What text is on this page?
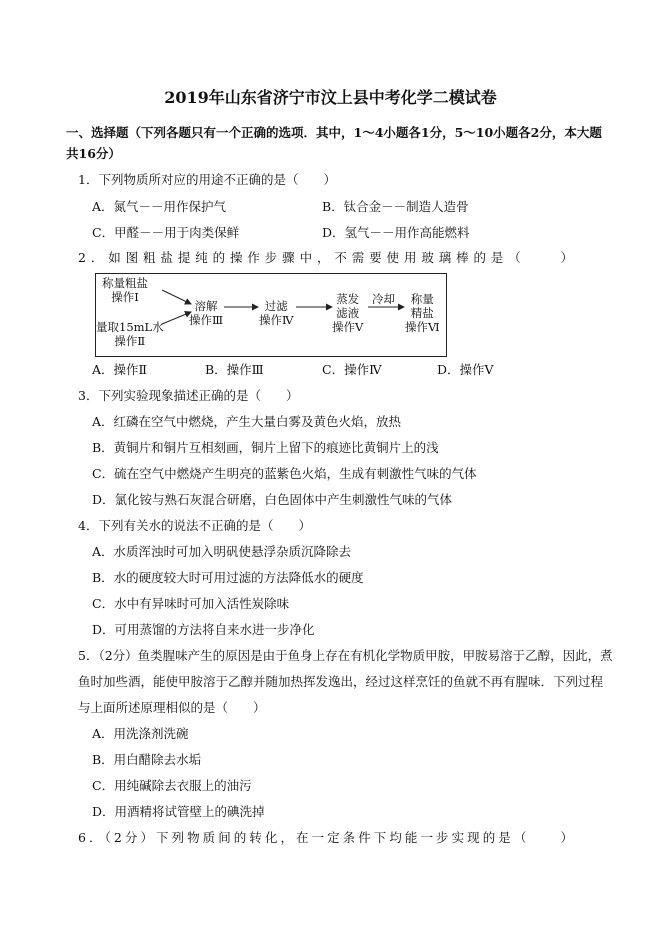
2019年山东省济宁市汶上县中考化学二模试卷
一、选择题（下列各题只有一个正确的选项．其中，1～4小题各1分，5～10小题各2分，本大题
共16分）
1．下列物质所对应的用途不正确的是（　　）
A．氮气－－用作保护气	B．钛合金－－制造人造骨
C．甲醛－－用于肉类保鲜	D．氢气－－用作高能燃料
2．如图粗盐提纯的操作步骤中，不需要使用玻璃棒的是（　　）
称量粗盐
操作Ⅰ
量取15mL水
操作Ⅱ
溶解
操作Ⅲ
过滤
操作Ⅳ
蒸发
滤液
操作Ⅴ
冷却	称量
精盐
操作Ⅵ
A．操作Ⅱ	B．操作Ⅲ	C．操作Ⅳ	D．操作Ⅴ
3．下列实验现象描述正确的是（　　）
A．红磷在空气中燃烧，产生大量白雾及黄色火焰，放热
B．黄铜片和铜片互相刻画，铜片上留下的痕迹比黄铜片上的浅
C．硫在空气中燃烧产生明亮的蓝紫色火焰，生成有刺激性气味的气体
D．氯化铵与熟石灰混合研磨，白色固体中产生刺激性气味的气体
4．下列有关水的说法不正确的是（　　）
A．水质浑浊时可加入明矾使悬浮杂质沉降除去
B．水的硬度较大时可用过滤的方法降低水的硬度
C．水中有异味时可加入活性炭除味
D．可用蒸馏的方法将自来水进一步净化
5．（2分）鱼类腥味产生的原因是由于鱼身上存在有机化学物质甲胺，甲胺易溶于乙醇，因此，煮
鱼时加些酒，能使甲胺溶于乙醇并随加热挥发逸出，经过这样烹饪的鱼就不再有腥味．下列过程
与上面所述原理相似的是（　　）
A．用洗涤剂洗碗
B．用白醋除去水垢
C．用纯碱除去衣服上的油污
D．用酒精将试管壁上的碘洗掉
6．（2分）下列物质间的转化，在一定条件下均能一步实现的是（　　）
